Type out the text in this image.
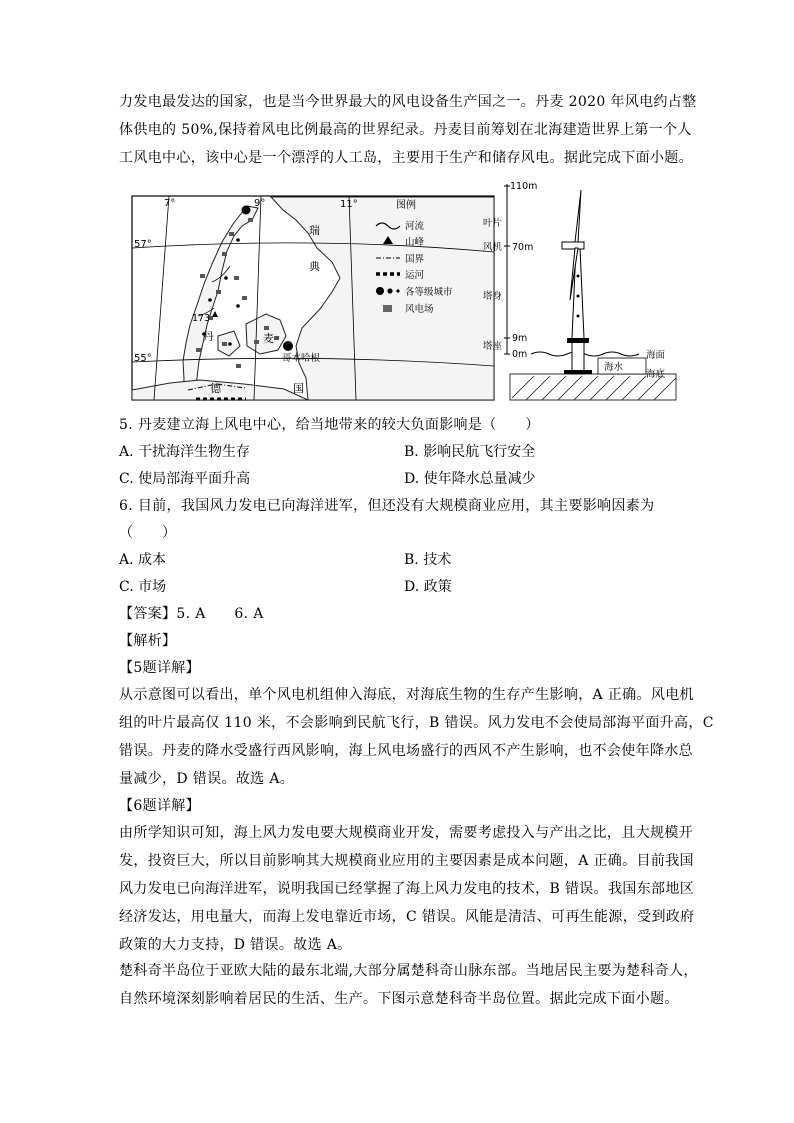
力发电最发达的国家，也是当今世界最大的风电设备生产国之一。丹麦 2020 年风电约占整
体供电的 50%,保持着风电比例最高的世界纪录。丹麦目前筹划在北海建造世界上第一个人
工风电中心，该中心是一个漂浮的人工岛，主要用于生产和储存风电。据此完成下面小题。
7°	9°	11°
57°
55°
瑞
典
丹	麦
德	国
哥本哈根
173
图例
河流
山峰
国界
运河
各等级城市
风电场
110m
70m
9m
0m
叶片
风机
塔身
塔座
海水
海面
海底
5. 丹麦建立海上风电中心，给当地带来的较大负面影响是（　　）
A. 干扰海洋生物生存	B. 影响民航飞行安全
C. 使局部海平面升高	D. 使年降水总量减少
6. 目前，我国风力发电已向海洋进军，但还没有大规模商业应用，其主要影响因素为
（　　）
A. 成本	B. 技术
C. 市场	D. 政策
【答案】5. A　　6. A
【解析】
【5题详解】
从示意图可以看出，单个风电机组伸入海底，对海底生物的生存产生影响，A 正确。风电机
组的叶片最高仅 110 米，不会影响到民航飞行，B 错误。风力发电不会使局部海平面升高，C
错误。丹麦的降水受盛行西风影响，海上风电场盛行的西风不产生影响，也不会使年降水总
量减少，D 错误。故选 A。
【6题详解】
由所学知识可知，海上风力发电要大规模商业开发，需要考虑投入与产出之比，且大规模开
发，投资巨大，所以目前影响其大规模商业应用的主要因素是成本问题，A 正确。目前我国
风力发电已向海洋进军，说明我国已经掌握了海上风力发电的技术，B 错误。我国东部地区
经济发达，用电量大，而海上发电靠近市场，C 错误。风能是清洁、可再生能源，受到政府
政策的大力支持，D 错误。故选 A。
楚科奇半岛位于亚欧大陆的最东北端,大部分属楚科奇山脉东部。当地居民主要为楚科奇人，
自然环境深刻影响着居民的生活、生产。下图示意楚科奇半岛位置。据此完成下面小题。
